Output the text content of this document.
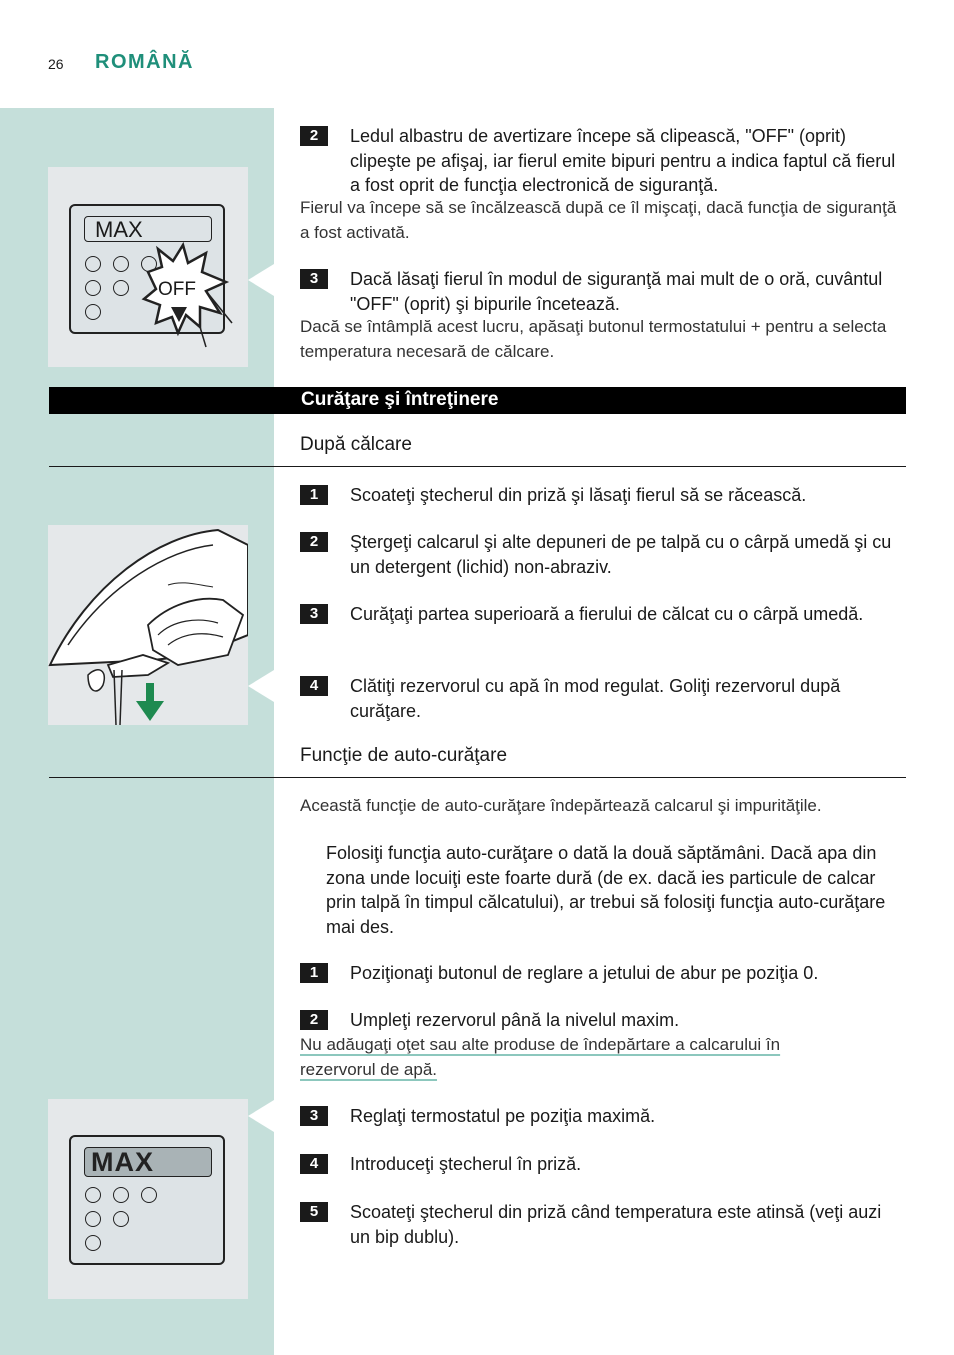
26 ROMÂNĂ
MAX
OFF
2	Ledul albastru de avertizare începe să clipească, "OFF" (oprit) clipeşte pe afişaj, iar fierul emite bipuri pentru a indica faptul că fierul a fost oprit de funcţia electronică de siguranţă.
Fierul va începe să se încălzească după ce îl mişcaţi, dacă funcţia de siguranţă a fost activată.
3	Dacă lăsaţi fierul în modul de siguranţă mai mult de o oră, cuvântul "OFF" (oprit) şi bipurile încetează.
Dacă se întâmplă acest lucru, apăsaţi butonul termostatului + pentru a selecta temperatura necesară de călcare.
Curăţare şi întreţinere
După călcare
1	Scoateţi ştecherul din priză şi lăsaţi fierul să se răcească.
2	Ştergeţi calcarul şi alte depuneri de pe talpă cu o cârpă umedă şi cu un detergent (lichid) non-abraziv.
3	Curăţaţi partea superioară a fierului de călcat cu o cârpă umedă.
4	Clătiţi rezervorul cu apă în mod regulat. Goliţi rezervorul după curăţare.
Funcţie de auto-curăţare
Această funcţie de auto-curăţare îndepărtează calcarul şi impurităţile.
Folosiţi funcţia auto-curăţare o dată la două săptămâni. Dacă apa din zona unde locuiţi este foarte dură (de ex. dacă ies particule de calcar prin talpă în timpul călcatului), ar trebui să folosiţi funcţia auto-curăţare mai des.
1	Poziţionaţi butonul de reglare a jetului de abur pe poziţia 0.
2	Umpleţi rezervorul până la nivelul maxim.
Nu adăugaţi oţet sau alte produse de îndepărtare a calcarului în rezervorul de apă.
3	Reglaţi termostatul pe poziţia maximă.
4	Introduceţi ştecherul în priză.
5	Scoateţi ştecherul din priză când temperatura este atinsă (veţi auzi un bip dublu).
MAX
